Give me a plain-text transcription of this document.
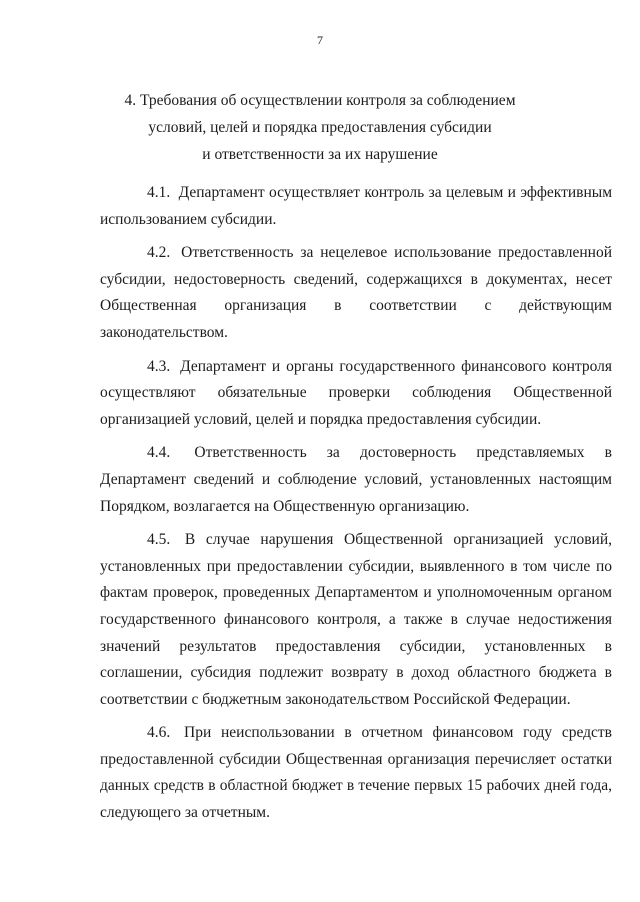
7

4. Требования об осуществлении контроля за соблюдением
условий, целей и порядка предоставления субсидии
и ответственности за их нарушение

4.1. Департамент осуществляет контроль за целевым и эффективным использованием субсидии.

4.2. Ответственность за нецелевое использование предоставленной субсидии, недостоверность сведений, содержащихся в документах, несет Общественная организация в соответствии с действующим законодательством.

4.3. Департамент и органы государственного финансового контроля осуществляют обязательные проверки соблюдения Общественной организацией условий, целей и порядка предоставления субсидии.

4.4. Ответственность за достоверность представляемых в Департамент сведений и соблюдение условий, установленных настоящим Порядком, возлагается на Общественную организацию.

4.5. В случае нарушения Общественной организацией условий, установленных при предоставлении субсидии, выявленного в том числе по фактам проверок, проведенных Департаментом и уполномоченным органом государственного финансового контроля, а также в случае недостижения значений результатов предоставления субсидии, установленных в соглашении, субсидия подлежит возврату в доход областного бюджета в соответствии с бюджетным законодательством Российской Федерации.

4.6. При неиспользовании в отчетном финансовом году средств предоставленной субсидии Общественная организация перечисляет остатки данных средств в областной бюджет в течение первых 15 рабочих дней года, следующего за отчетным.
